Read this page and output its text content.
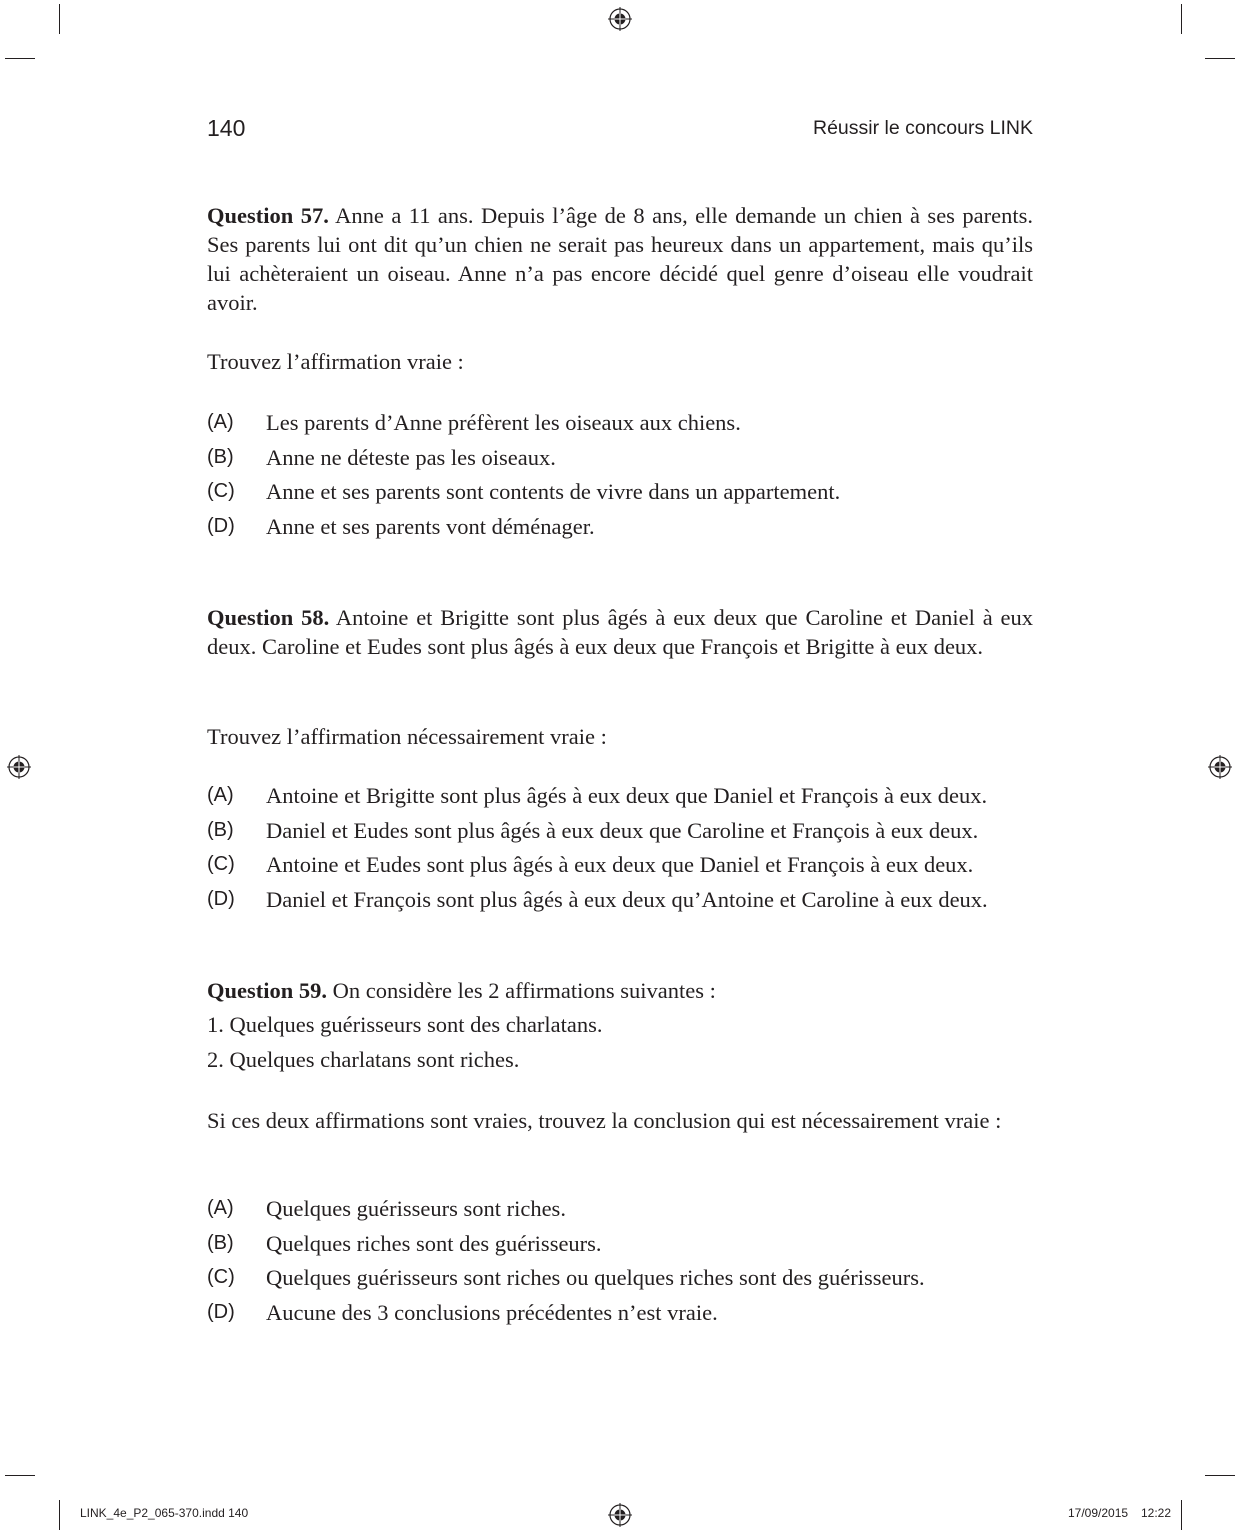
140	Réussir le concours LINK

Question 57. Anne a 11 ans. Depuis l’âge de 8 ans, elle demande un chien à ses parents. Ses parents lui ont dit qu’un chien ne serait pas heureux dans un appartement, mais qu’ils lui achèteraient un oiseau. Anne n’a pas encore décidé quel genre d’oiseau elle voudrait avoir.

Trouvez l’affirmation vraie :

(A) Les parents d’Anne préfèrent les oiseaux aux chiens.
(B) Anne ne déteste pas les oiseaux.
(C) Anne et ses parents sont contents de vivre dans un appartement.
(D) Anne et ses parents vont déménager.

Question 58. Antoine et Brigitte sont plus âgés à eux deux que Caroline et Daniel à eux deux. Caroline et Eudes sont plus âgés à eux deux que François et Brigitte à eux deux.

Trouvez l’affirmation nécessairement vraie :

(A) Antoine et Brigitte sont plus âgés à eux deux que Daniel et François à eux deux.
(B) Daniel et Eudes sont plus âgés à eux deux que Caroline et François à eux deux.
(C) Antoine et Eudes sont plus âgés à eux deux que Daniel et François à eux deux.
(D) Daniel et François sont plus âgés à eux deux qu’Antoine et Caroline à eux deux.

Question 59. On considère les 2 affirmations suivantes :

1. Quelques guérisseurs sont des charlatans.

2. Quelques charlatans sont riches.

Si ces deux affirmations sont vraies, trouvez la conclusion qui est nécessairement vraie :

(A) Quelques guérisseurs sont riches.
(B) Quelques riches sont des guérisseurs.
(C) Quelques guérisseurs sont riches ou quelques riches sont des guérisseurs.
(D) Aucune des 3 conclusions précédentes n’est vraie.
LINK_4e_P2_065-370.indd 140	17/09/2015 12:22
